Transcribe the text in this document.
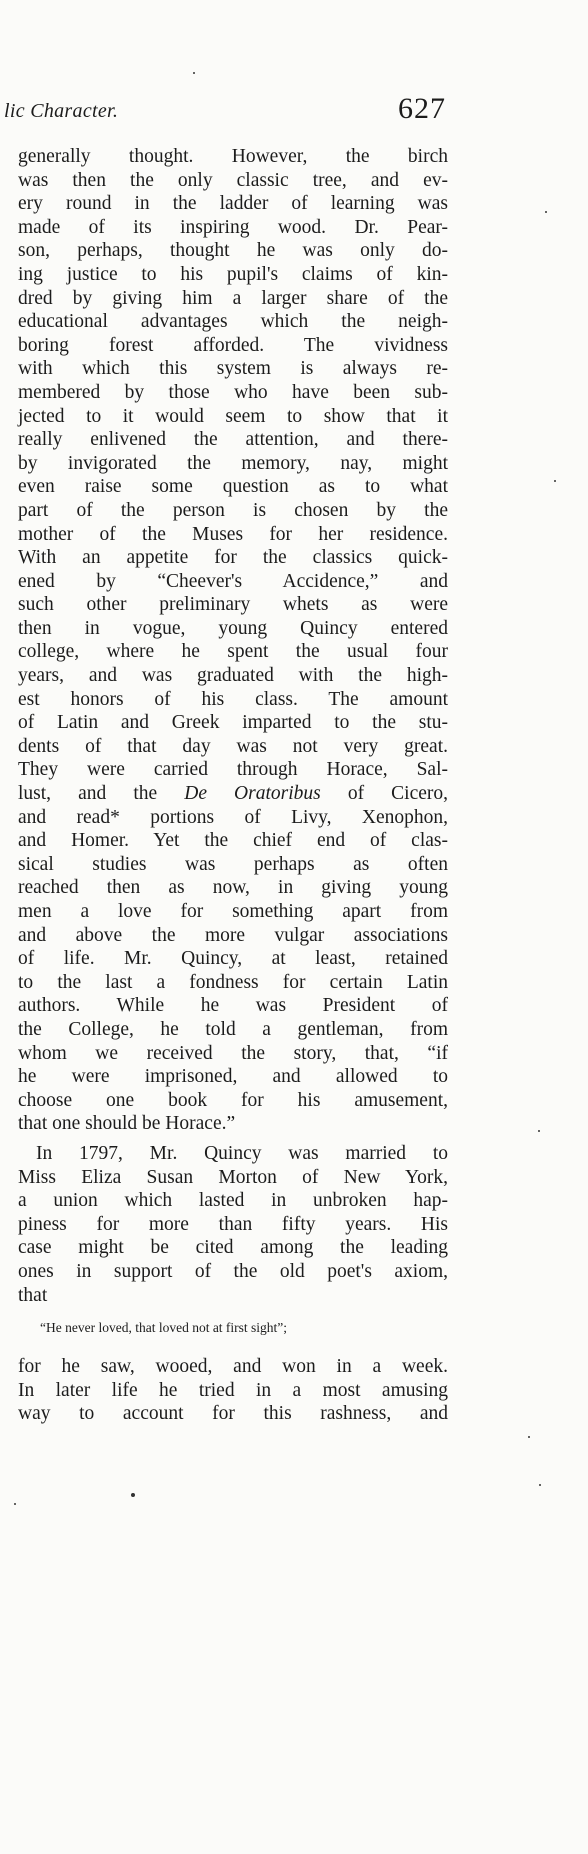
lic Character.	627
generally thought. However, the birch
was then the only classic tree, and ev-
ery round in the ladder of learning was
made of its inspiring wood. Dr. Pear-
son, perhaps, thought he was only do-
ing justice to his pupil's claims of kin-
dred by giving him a larger share of the
educational advantages which the neigh-
boring forest afforded. The vividness
with which this system is always re-
membered by those who have been sub-
jected to it would seem to show that it
really enlivened the attention, and there-
by invigorated the memory, nay, might
even raise some question as to what
part of the person is chosen by the
mother of the Muses for her residence.
With an appetite for the classics quick-
ened by “Cheever's Accidence,” and
such other preliminary whets as were
then in vogue, young Quincy entered
college, where he spent the usual four
years, and was graduated with the high-
est honors of his class. The amount
of Latin and Greek imparted to the stu-
dents of that day was not very great.
They were carried through Horace, Sal-
lust, and the De Oratoribus of Cicero,
and read* portions of Livy, Xenophon,
and Homer. Yet the chief end of clas-
sical studies was perhaps as often
reached then as now, in giving young
men a love for something apart from
and above the more vulgar associations
of life. Mr. Quincy, at least, retained
to the last a fondness for certain Latin
authors. While he was President of
the College, he told a gentleman, from
whom we received the story, that, “if
he were imprisoned, and allowed to
choose one book for his amusement,
that one should be Horace.”
In 1797, Mr. Quincy was married to
Miss Eliza Susan Morton of New York,
a union which lasted in unbroken hap-
piness for more than fifty years. His
case might be cited among the leading
ones in support of the old poet's axiom,
that
“He never loved, that loved not at first sight”;
for he saw, wooed, and won in a week.
In later life he tried in a most amusing
way to account for this rashness, and
